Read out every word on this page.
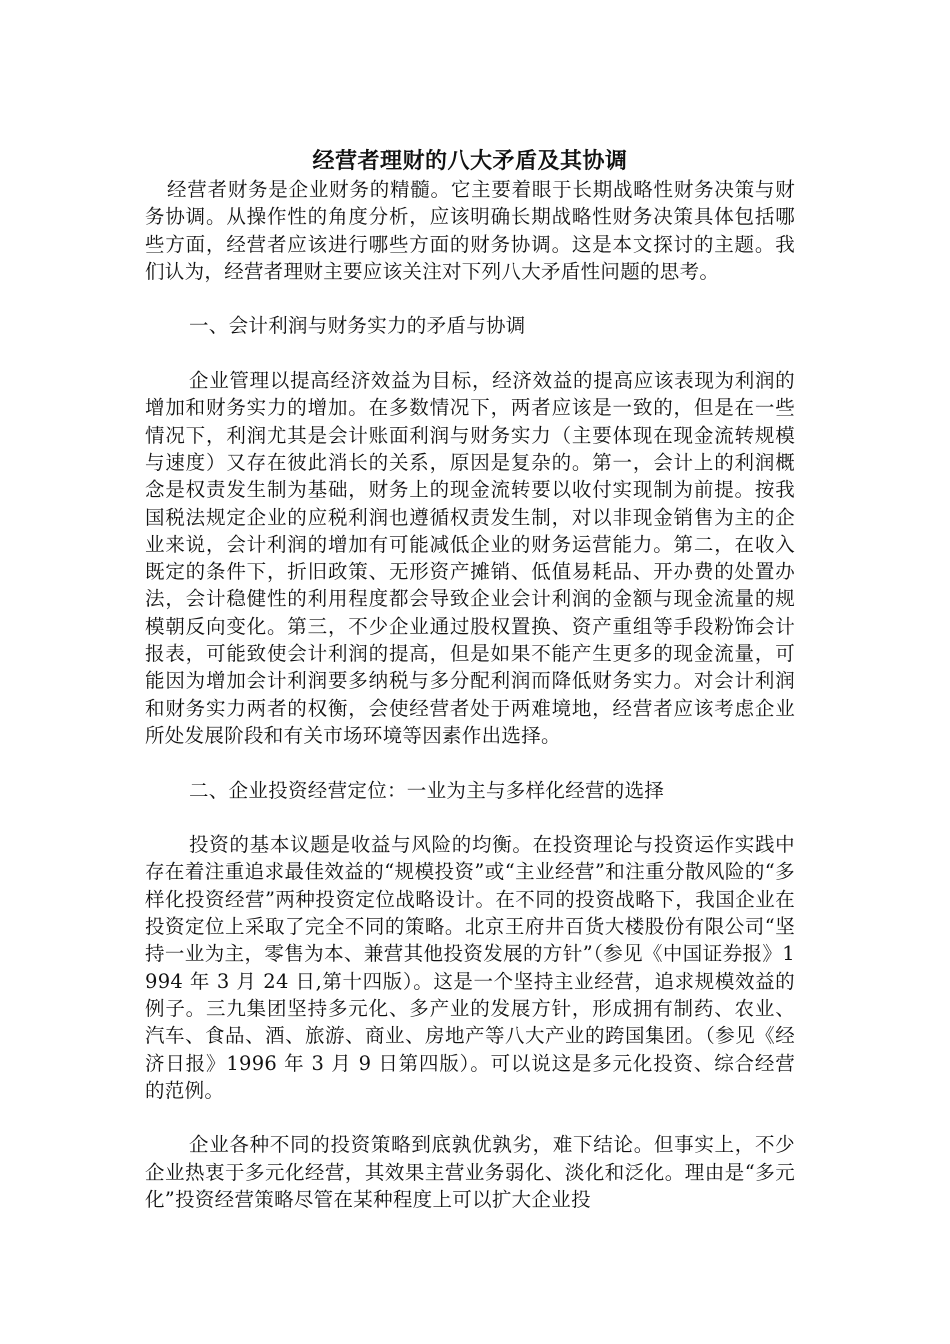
经营者理财的八大矛盾及其协调

经营者财务是企业财务的精髓。它主要着眼于长期战略性财务决策与财务协调。从操作性的角度分析，应该明确长期战略性财务决策具体包括哪些方面，经营者应该进行哪些方面的财务协调。这是本文探讨的主题。我们认为，经营者理财主要应该关注对下列八大矛盾性问题的思考。

一、会计利润与财务实力的矛盾与协调

企业管理以提高经济效益为目标，经济效益的提高应该表现为利润的增加和财务实力的增加。在多数情况下，两者应该是一致的，但是在一些情况下，利润尤其是会计账面利润与财务实力（主要体现在现金流转规模与速度）又存在彼此消长的关系，原因是复杂的。第一，会计上的利润概念是权责发生制为基础，财务上的现金流转要以收付实现制为前提。按我国税法规定企业的应税利润也遵循权责发生制，对以非现金销售为主的企业来说，会计利润的增加有可能减低企业的财务运营能力。第二，在收入既定的条件下，折旧政策、无形资产摊销、低值易耗品、开办费的处置办法，会计稳健性的利用程度都会导致企业会计利润的金额与现金流量的规模朝反向变化。第三，不少企业通过股权置换、资产重组等手段粉饰会计报表，可能致使会计利润的提高，但是如果不能产生更多的现金流量，可能因为增加会计利润要多纳税与多分配利润而降低财务实力。对会计利润和财务实力两者的权衡，会使经营者处于两难境地，经营者应该考虑企业所处发展阶段和有关市场环境等因素作出选择。

二、企业投资经营定位：一业为主与多样化经营的选择

投资的基本议题是收益与风险的均衡。在投资理论与投资运作实践中存在着注重追求最佳效益的“规模投资”或“主业经营”和注重分散风险的“多样化投资经营”两种投资定位战略设计。在不同的投资战略下，我国企业在投资定位上采取了完全不同的策略。北京王府井百货大楼股份有限公司“坚持一业为主，零售为本、兼营其他投资发展的方针”（参见《中国证券报》1994 年 3 月 24 日,第十四版）。这是一个坚持主业经营，追求规模效益的例子。三九集团坚持多元化、多产业的发展方针，形成拥有制药、农业、汽车、食品、酒、旅游、商业、房地产等八大产业的跨国集团。（参见《经济日报》1996 年 3 月 9 日第四版）。可以说这是多元化投资、综合经营的范例。

企业各种不同的投资策略到底孰优孰劣，难下结论。但事实上，不少企业热衷于多元化经营，其效果主营业务弱化、淡化和泛化。理由是“多元化”投资经营策略尽管在某种程度上可以扩大企业投
